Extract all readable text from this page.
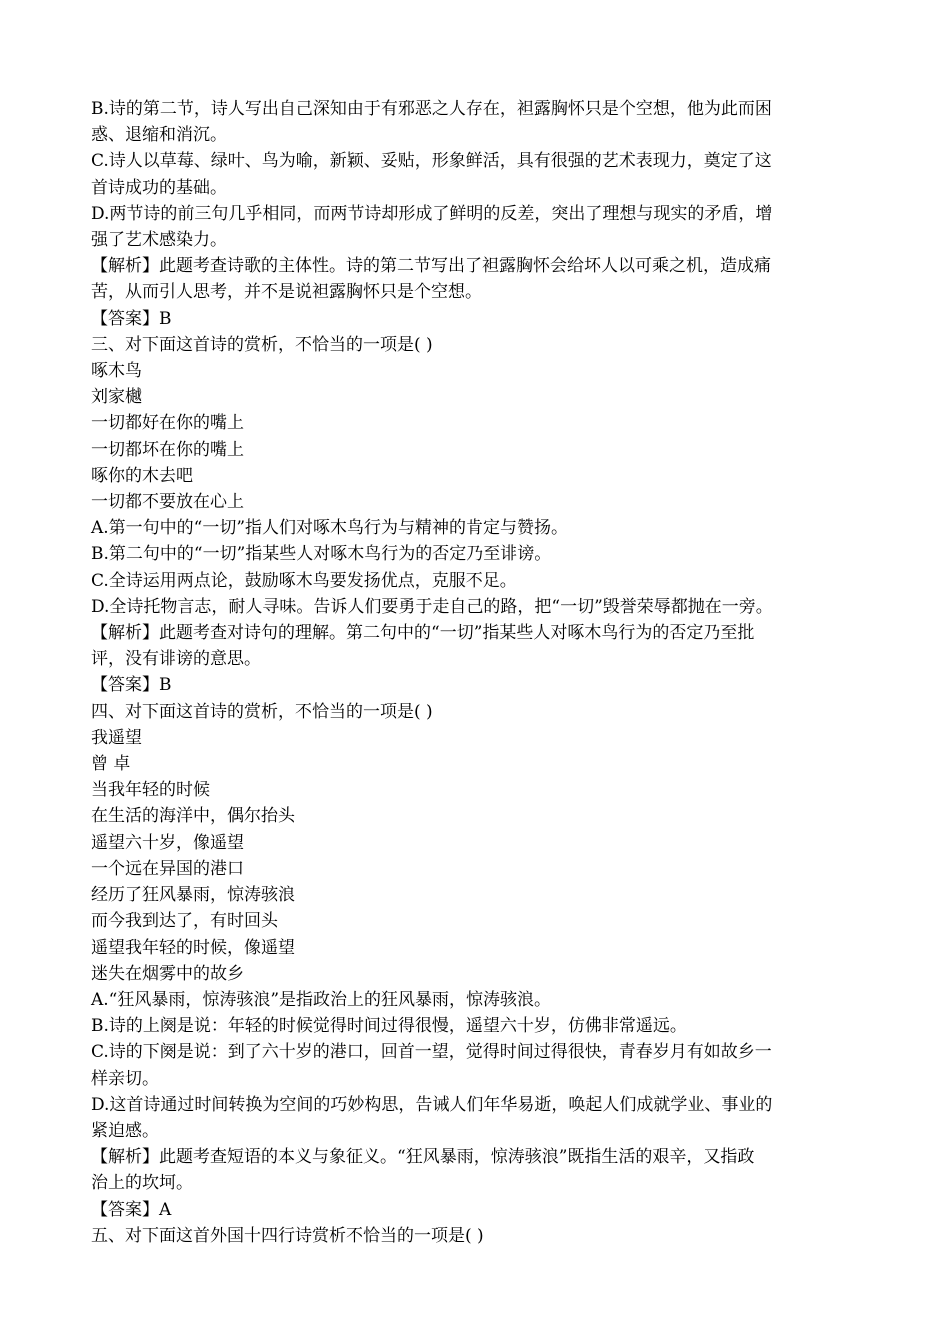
B.诗的第二节，诗人写出自己深知由于有邪恶之人存在，袒露胸怀只是个空想，他为此而困

惑、退缩和消沉。

C.诗人以草莓、绿叶、鸟为喻，新颖、妥贴，形象鲜活，具有很强的艺术表现力，奠定了这

首诗成功的基础。

D.两节诗的前三句几乎相同，而两节诗却形成了鲜明的反差，突出了理想与现实的矛盾，增

强了艺术感染力。

【解析】此题考查诗歌的主体性。诗的第二节写出了袒露胸怀会给坏人以可乘之机，造成痛

苦，从而引人思考，并不是说袒露胸怀只是个空想。

【答案】B

三、对下面这首诗的赏析，不恰当的一项是( )

啄木鸟

刘家樾

一切都好在你的嘴上

一切都坏在你的嘴上

啄你的木去吧

一切都不要放在心上

A.第一句中的“一切”指人们对啄木鸟行为与精神的肯定与赞扬。

B.第二句中的“一切”指某些人对啄木鸟行为的否定乃至诽谤。

C.全诗运用两点论，鼓励啄木鸟要发扬优点，克服不足。

D.全诗托物言志，耐人寻味。告诉人们要勇于走自己的路，把“一切”毁誉荣辱都抛在一旁。

【解析】此题考查对诗句的理解。第二句中的“一切”指某些人对啄木鸟行为的否定乃至批

评，没有诽谤的意思。

【答案】B

四、对下面这首诗的赏析，不恰当的一项是( )

我遥望

曾 卓

当我年轻的时候

在生活的海洋中，偶尔抬头

遥望六十岁，像遥望

一个远在异国的港口

经历了狂风暴雨，惊涛骇浪

而今我到达了，有时回头

遥望我年轻的时候，像遥望

迷失在烟雾中的故乡

A.“狂风暴雨，惊涛骇浪”是指政治上的狂风暴雨，惊涛骇浪。

B.诗的上阕是说：年轻的时候觉得时间过得很慢，遥望六十岁，仿佛非常遥远。

C.诗的下阕是说：到了六十岁的港口，回首一望，觉得时间过得很快，青春岁月有如故乡一

样亲切。

D.这首诗通过时间转换为空间的巧妙构思，告诫人们年华易逝，唤起人们成就学业、事业的

紧迫感。

【解析】此题考查短语的本义与象征义。“狂风暴雨，惊涛骇浪”既指生活的艰辛，又指政

治上的坎坷。

【答案】A

五、对下面这首外国十四行诗赏析不恰当的一项是( )
